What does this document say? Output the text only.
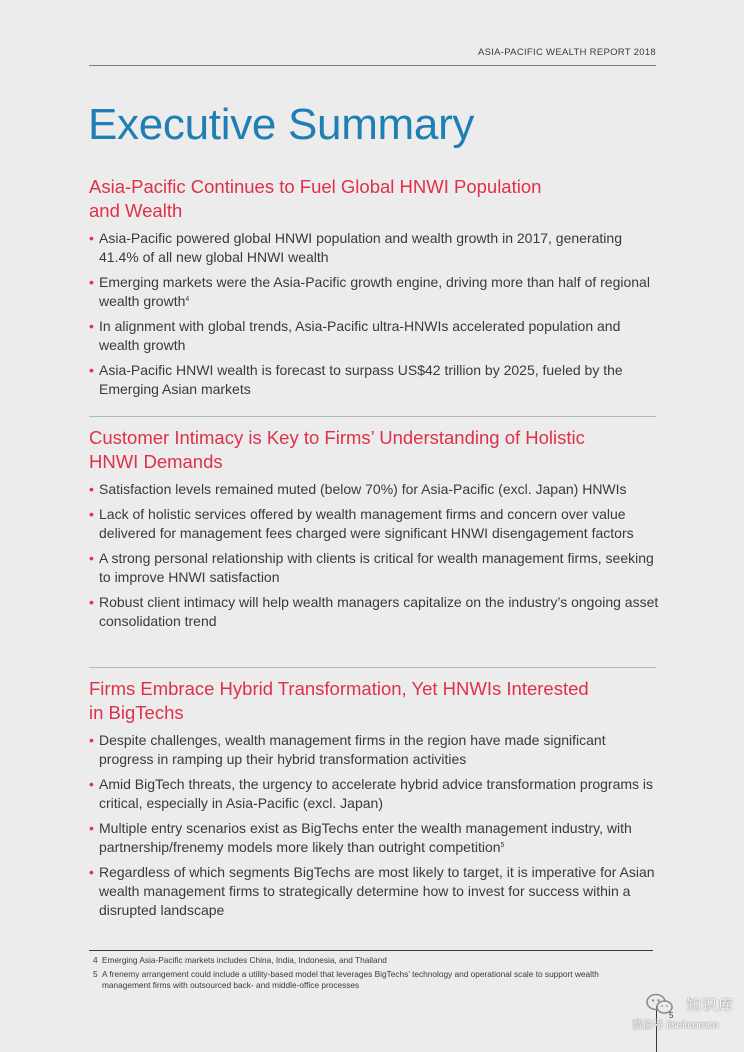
ASIA-PACIFIC WEALTH REPORT 2018
Executive Summary
Asia-Pacific Continues to Fuel Global HNWI Population
and Wealth
• Asia-Pacific powered global HNWI population and wealth growth in 2017, generating 41.4% of all new global HNWI wealth
• Emerging markets were the Asia-Pacific growth engine, driving more than half of regional wealth growth$^4$
• In alignment with global trends, Asia-Pacific ultra-HNWIs accelerated population and wealth growth
• Asia-Pacific HNWI wealth is forecast to surpass US$42 trillion by 2025, fueled by the Emerging Asian markets
Customer Intimacy is Key to Firms’ Understanding of Holistic
HNWI Demands
• Satisfaction levels remained muted (below 70%) for Asia-Pacific (excl. Japan) HNWIs
• Lack of holistic services offered by wealth management firms and concern over value delivered for management fees charged were significant HNWI disengagement factors
• A strong personal relationship with clients is critical for wealth management firms, seeking to improve HNWI satisfaction
• Robust client intimacy will help wealth managers capitalize on the industry’s ongoing asset consolidation trend
Firms Embrace Hybrid Transformation, Yet HNWIs Interested
in BigTechs
• Despite challenges, wealth management firms in the region have made significant progress in ramping up their hybrid transformation activities
• Amid BigTech threats, the urgency to accelerate hybrid advice transformation programs is critical, especially in Asia-Pacific (excl. Japan)
• Multiple entry scenarios exist as BigTechs enter the wealth management industry, with partnership/frenemy models more likely than outright competition$^5$
• Regardless of which segments BigTechs are most likely to target, it is imperative for Asian wealth management firms to strategically determine how to invest for success within a disrupted landscape
4 Emerging Asia-Pacific markets includes China, India, Indonesia, and Thailand
5 A frenemy arrangement could include a utility-based model that leverages BigTechs’ technology and operational scale to support wealth management firms with outsourced back- and middle-office processes
5
知识库
微信号 iiseitcomcn
